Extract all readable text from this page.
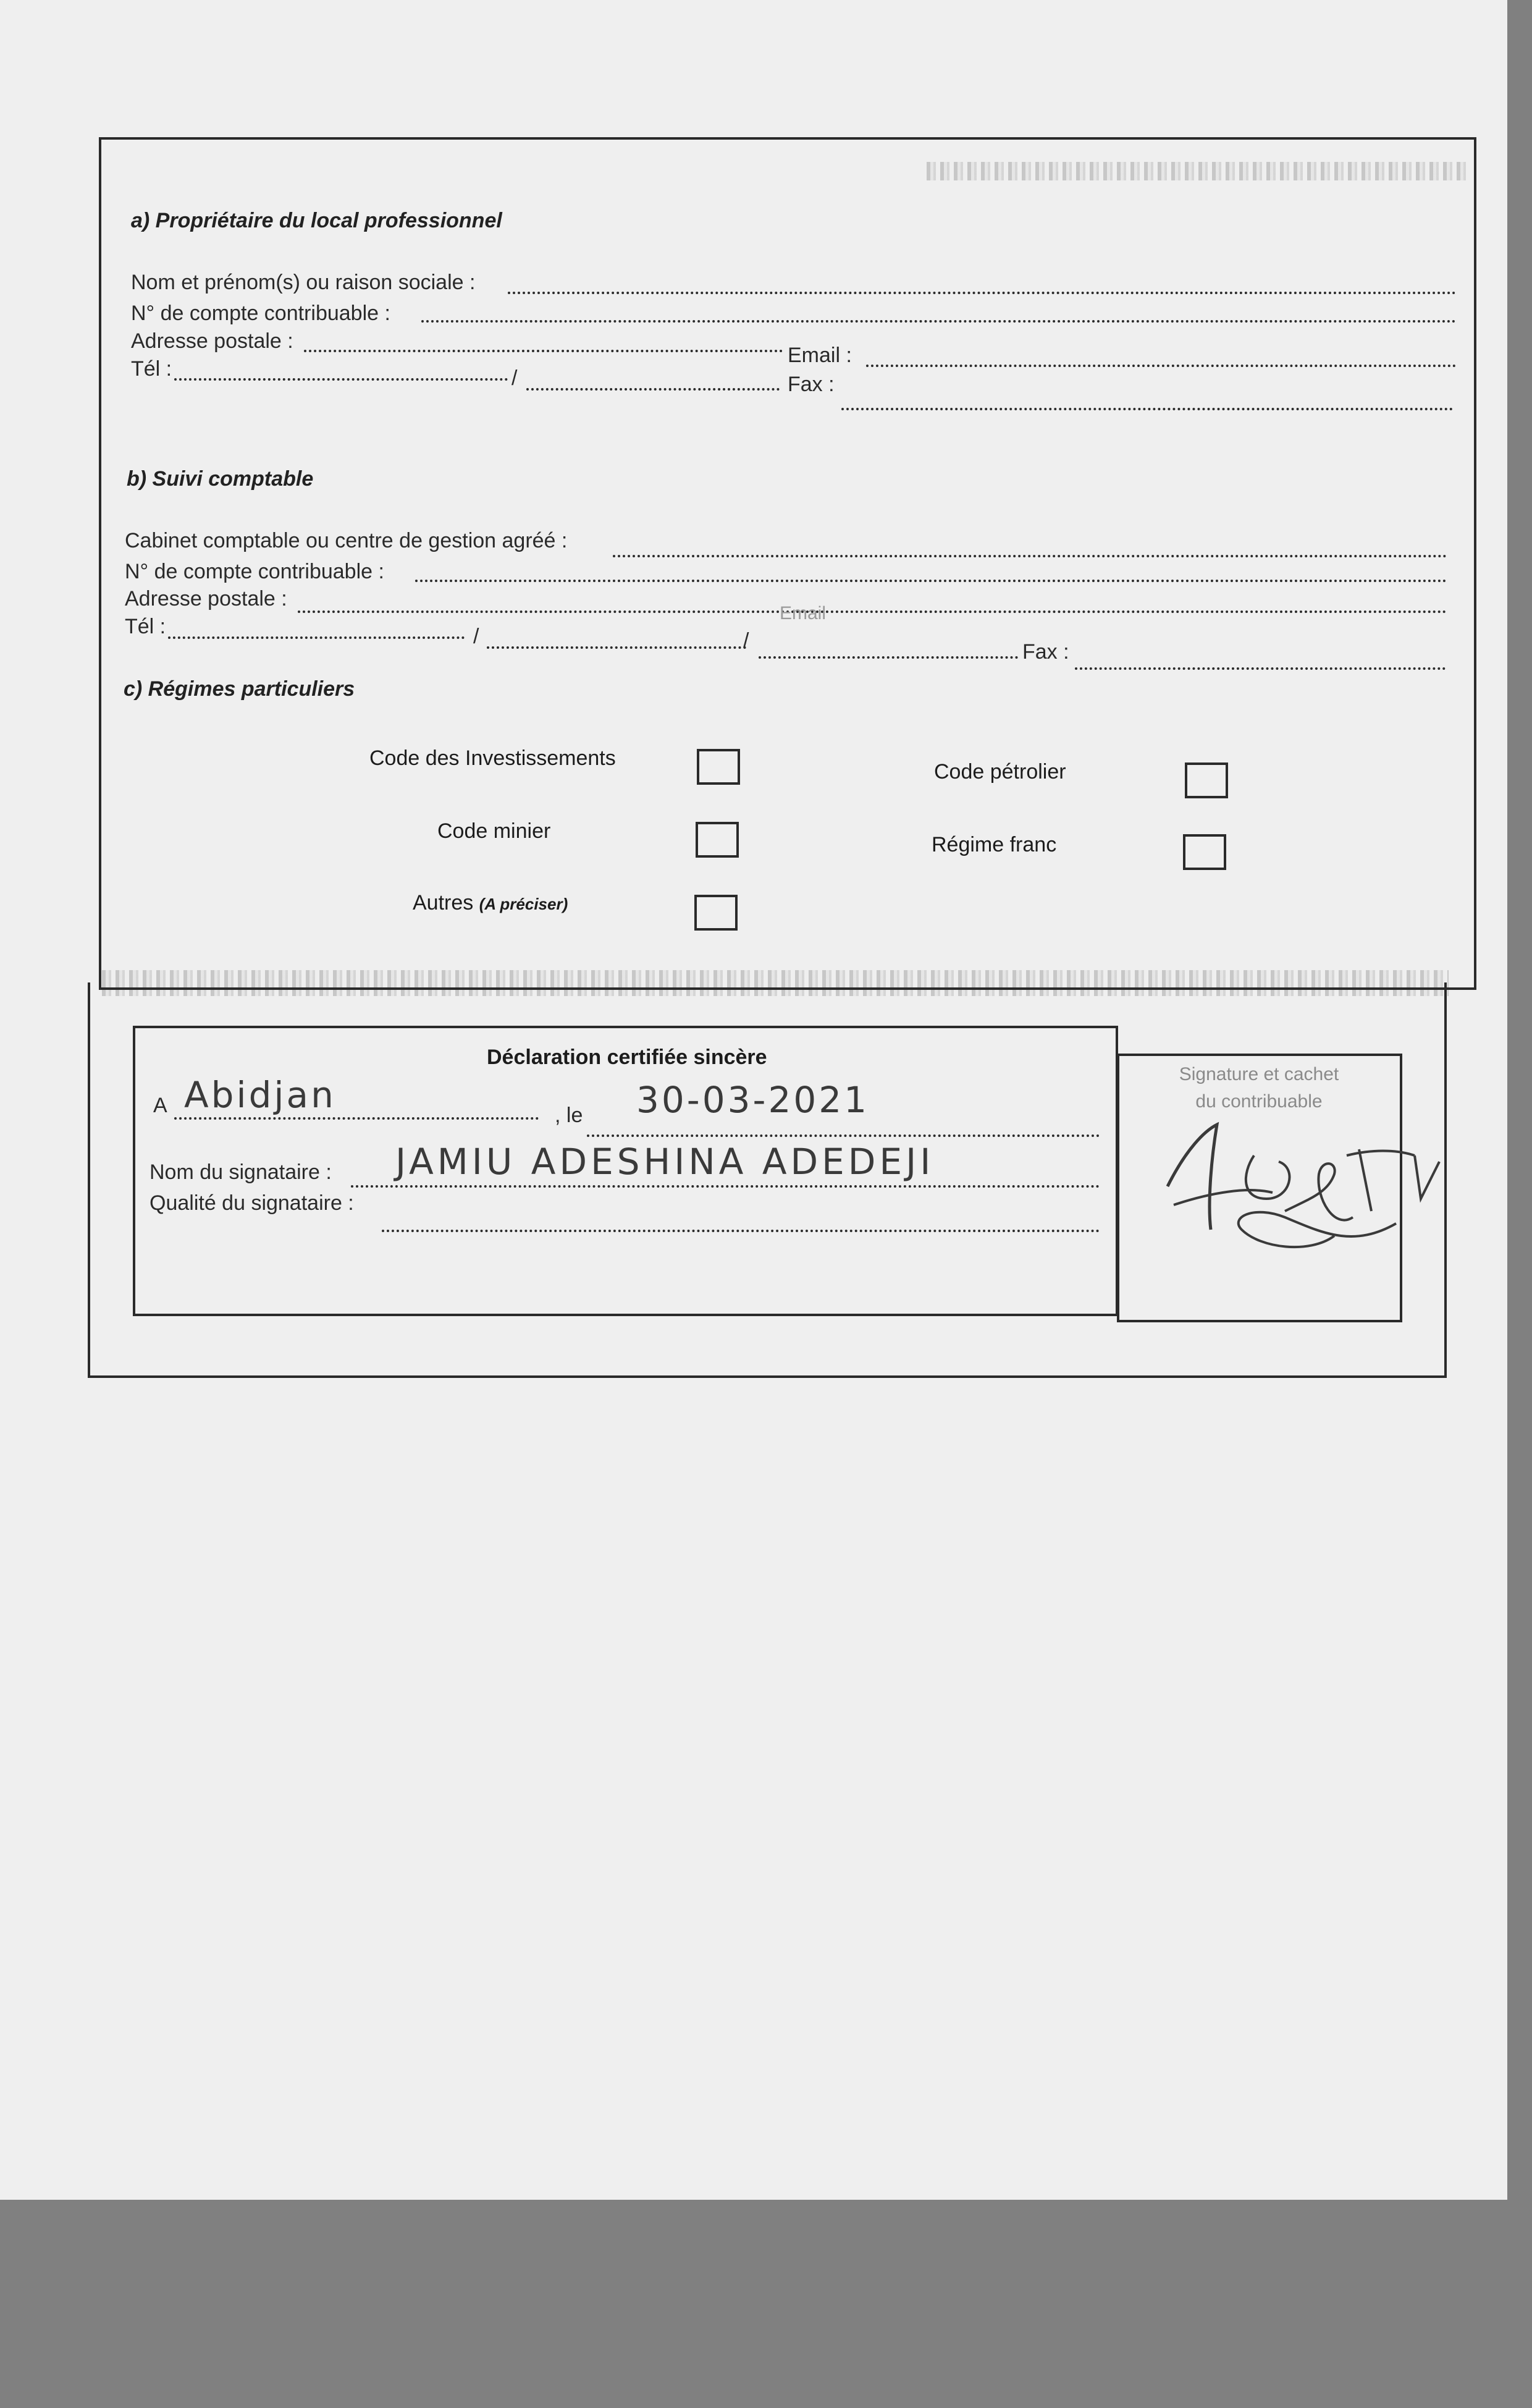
a) Propriétaire du local professionnel
Nom et prénom(s) ou raison sociale :
N° de compte contribuable :
Adresse postale :
Email :
Tél :	/	Fax :
b) Suivi comptable
Cabinet comptable ou centre de gestion agréé :
N° de compte contribuable :
Adresse postale :
Email
Tél :	/	/	Fax :
c) Régimes particuliers
Code des Investissements
Code minier
Autres (A préciser)
Code pétrolier
Régime franc
Déclaration certifiée sincère
A Abidjan	, le 30-03-2021
Nom du signataire : JAMIU ADESHINA ADEDEJI
Qualité du signataire :
Signature et cachet
du contribuable
